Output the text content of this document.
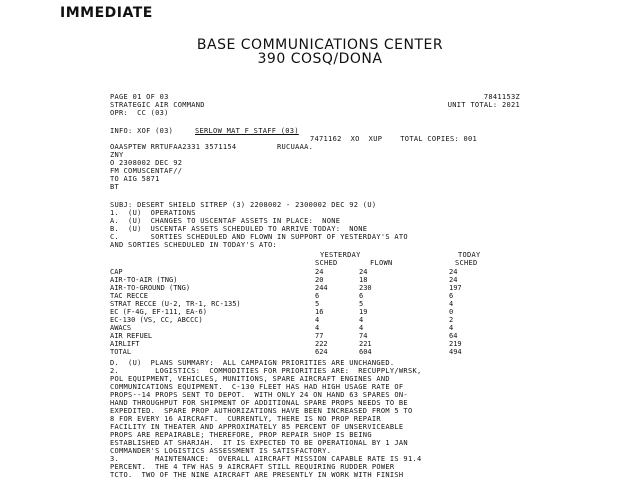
IMMEDIATE
BASE COMMUNICATIONS CENTER
390 COSQ/DONA
PAGE 01 OF 03	7841153Z
STRATEGIC AIR COMMAND	UNIT TOTAL: 2021
OPR:  CC (03)
INFO: XOF (03)	SERLOW MAT F STAFF (03)
7471162  XO  XUP    TOTAL COPIES: 001
OAASPTEW RRTUFAA2331 3571154         RUCUAAA.
ZNY
O 2308002 DEC 92
FM COMUSCENTAF//
TO AIG 5871
BT
SUBJ: DESERT SHIELD SITREP (3) 2208002 - 2300002 DEC 92 (U)
1.  (U)  OPERATIONS
A.  (U)  CHANGES TO USCENTAF ASSETS IN PLACE:  NONE
B.  (U)  USCENTAF ASSETS SCHEDULED TO ARRIVE TODAY:  NONE
C.       SORTIES SCHEDULED AND FLOWN IN SUPPORT OF YESTERDAY'S ATO
AND SORTIES SCHEDULED IN TODAY'S ATO:
YESTERDAY	TODAY
SCHED	FLOWN	SCHED
CAP	24	24	24
AIR-TO-AIR (TNG)	20	18	24
AIR-TO-GROUND (TNG)	244	230	197
TAC RECCE	6	6	6
STRAT RECCE (U-2, TR-1, RC-135)	5	5	4
EC (F-4G, EF-111, EA-6)	16	19	0
EC-130 (VS, CC, ABCCC)	4	4	2
AWACS	4	4	4
AIR REFUEL	77	74	64
AIRLIFT	222	221	219
TOTAL	624	604	494
D.  (U)  PLANS SUMMARY:  ALL CAMPAIGN PRIORITIES ARE UNCHANGED.
2.        LOGISTICS:  COMMODITIES FOR PRIORITIES ARE:  RECUPPLY/WRSK,
POL EQUIPMENT, VEHICLES, MUNITIONS, SPARE AIRCRAFT ENGINES AND
COMMUNICATIONS EQUIPMENT.  C-130 FLEET HAS HAD HIGH USAGE RATE OF
PROPS--14 PROPS SENT TO DEPOT.  WITH ONLY 24 ON HAND 63 SPARES ON-
HAND THROUGHPUT FOR SHIPMENT OF ADDITIONAL SPARE PROPS NEEDS TO BE
EXPEDITED.  SPARE PROP AUTHORIZATIONS HAVE BEEN INCREASED FROM 5 TO
8 FOR EVERY 16 AIRCRAFT.  CURRENTLY, THERE IS NO PROP REPAIR
FACILITY IN THEATER AND APPROXIMATELY 85 PERCENT OF UNSERVICEABLE
PROPS ARE REPAIRABLE; THEREFORE, PROP REPAIR SHOP IS BEING
ESTABLISHED AT SHARJAH.  IT IS EXPECTED TO BE OPERATIONAL BY 1 JAN
COMMANDER'S LOGISTICS ASSESSMENT IS SATISFACTORY.
3.        MAINTENANCE:  OVERALL AIRCRAFT MISSION CAPABLE RATE IS 91.4
PERCENT.  THE 4 TFW HAS 9 AIRCRAFT STILL REQUIRING RUDDER POWER
TCTO.  TWO OF THE NINE AIRCRAFT ARE PRESENTLY IN WORK WITH FINISH
